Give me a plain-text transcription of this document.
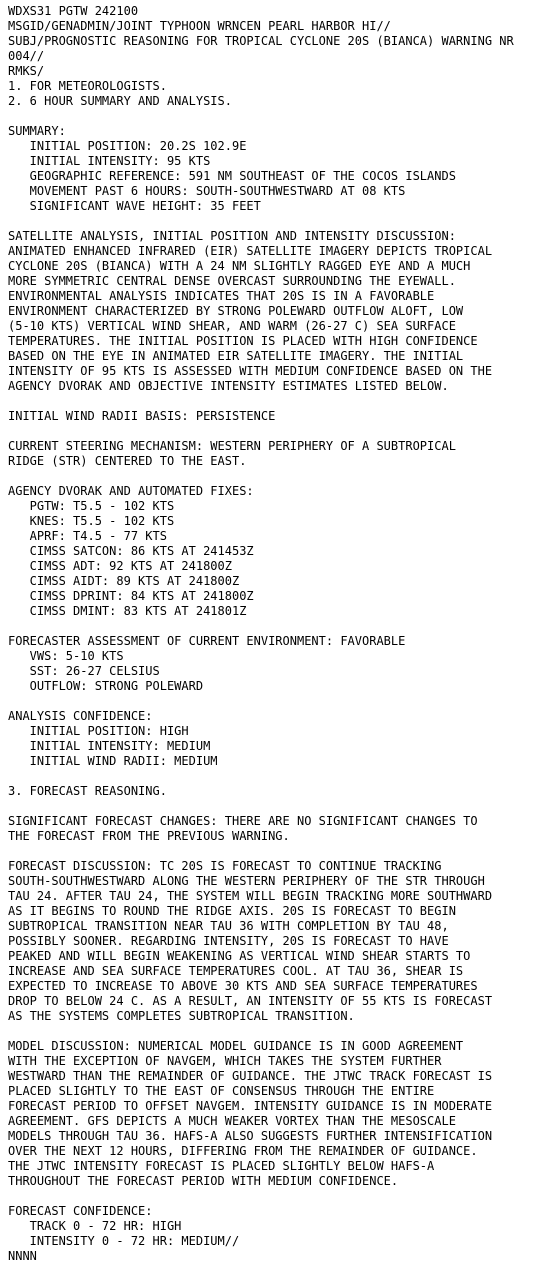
WDXS31 PGTW 242100
MSGID/GENADMIN/JOINT TYPHOON WRNCEN PEARL HARBOR HI//
SUBJ/PROGNOSTIC REASONING FOR TROPICAL CYCLONE 20S (BIANCA) WARNING NR
004//
RMKS/
1. FOR METEOROLOGISTS.
2. 6 HOUR SUMMARY AND ANALYSIS.
SUMMARY:
INITIAL POSITION: 20.2S 102.9E
INITIAL INTENSITY: 95 KTS
GEOGRAPHIC REFERENCE: 591 NM SOUTHEAST OF THE COCOS ISLANDS
MOVEMENT PAST 6 HOURS: SOUTH-SOUTHWESTWARD AT 08 KTS
SIGNIFICANT WAVE HEIGHT: 35 FEET
SATELLITE ANALYSIS, INITIAL POSITION AND INTENSITY DISCUSSION:
ANIMATED ENHANCED INFRARED (EIR) SATELLITE IMAGERY DEPICTS TROPICAL
CYCLONE 20S (BIANCA) WITH A 24 NM SLIGHTLY RAGGED EYE AND A MUCH
MORE SYMMETRIC CENTRAL DENSE OVERCAST SURROUNDING THE EYEWALL.
ENVIRONMENTAL ANALYSIS INDICATES THAT 20S IS IN A FAVORABLE
ENVIRONMENT CHARACTERIZED BY STRONG POLEWARD OUTFLOW ALOFT, LOW
(5-10 KTS) VERTICAL WIND SHEAR, AND WARM (26-27 C) SEA SURFACE
TEMPERATURES. THE INITIAL POSITION IS PLACED WITH HIGH CONFIDENCE
BASED ON THE EYE IN ANIMATED EIR SATELLITE IMAGERY. THE INITIAL
INTENSITY OF 95 KTS IS ASSESSED WITH MEDIUM CONFIDENCE BASED ON THE
AGENCY DVORAK AND OBJECTIVE INTENSITY ESTIMATES LISTED BELOW.
INITIAL WIND RADII BASIS: PERSISTENCE
CURRENT STEERING MECHANISM: WESTERN PERIPHERY OF A SUBTROPICAL
RIDGE (STR) CENTERED TO THE EAST.
AGENCY DVORAK AND AUTOMATED FIXES:
PGTW: T5.5 - 102 KTS
KNES: T5.5 - 102 KTS
APRF: T4.5 - 77 KTS
CIMSS SATCON: 86 KTS AT 241453Z
CIMSS ADT: 92 KTS AT 241800Z
CIMSS AIDT: 89 KTS AT 241800Z
CIMSS DPRINT: 84 KTS AT 241800Z
CIMSS DMINT: 83 KTS AT 241801Z
FORECASTER ASSESSMENT OF CURRENT ENVIRONMENT: FAVORABLE
VWS: 5-10 KTS
SST: 26-27 CELSIUS
OUTFLOW: STRONG POLEWARD
ANALYSIS CONFIDENCE:
INITIAL POSITION: HIGH
INITIAL INTENSITY: MEDIUM
INITIAL WIND RADII: MEDIUM
3. FORECAST REASONING.
SIGNIFICANT FORECAST CHANGES: THERE ARE NO SIGNIFICANT CHANGES TO
THE FORECAST FROM THE PREVIOUS WARNING.
FORECAST DISCUSSION: TC 20S IS FORECAST TO CONTINUE TRACKING
SOUTH-SOUTHWESTWARD ALONG THE WESTERN PERIPHERY OF THE STR THROUGH
TAU 24. AFTER TAU 24, THE SYSTEM WILL BEGIN TRACKING MORE SOUTHWARD
AS IT BEGINS TO ROUND THE RIDGE AXIS. 20S IS FORECAST TO BEGIN
SUBTROPICAL TRANSITION NEAR TAU 36 WITH COMPLETION BY TAU 48,
POSSIBLY SOONER. REGARDING INTENSITY, 20S IS FORECAST TO HAVE
PEAKED AND WILL BEGIN WEAKENING AS VERTICAL WIND SHEAR STARTS TO
INCREASE AND SEA SURFACE TEMPERATURES COOL. AT TAU 36, SHEAR IS
EXPECTED TO INCREASE TO ABOVE 30 KTS AND SEA SURFACE TEMPERATURES
DROP TO BELOW 24 C. AS A RESULT, AN INTENSITY OF 55 KTS IS FORECAST
AS THE SYSTEMS COMPLETES SUBTROPICAL TRANSITION.
MODEL DISCUSSION: NUMERICAL MODEL GUIDANCE IS IN GOOD AGREEMENT
WITH THE EXCEPTION OF NAVGEM, WHICH TAKES THE SYSTEM FURTHER
WESTWARD THAN THE REMAINDER OF GUIDANCE. THE JTWC TRACK FORECAST IS
PLACED SLIGHTLY TO THE EAST OF CONSENSUS THROUGH THE ENTIRE
FORECAST PERIOD TO OFFSET NAVGEM. INTENSITY GUIDANCE IS IN MODERATE
AGREEMENT. GFS DEPICTS A MUCH WEAKER VORTEX THAN THE MESOSCALE
MODELS THROUGH TAU 36. HAFS-A ALSO SUGGESTS FURTHER INTENSIFICATION
OVER THE NEXT 12 HOURS, DIFFERING FROM THE REMAINDER OF GUIDANCE.
THE JTWC INTENSITY FORECAST IS PLACED SLIGHTLY BELOW HAFS-A
THROUGHOUT THE FORECAST PERIOD WITH MEDIUM CONFIDENCE.
FORECAST CONFIDENCE:
TRACK 0 - 72 HR: HIGH
INTENSITY 0 - 72 HR: MEDIUM//
NNNN
